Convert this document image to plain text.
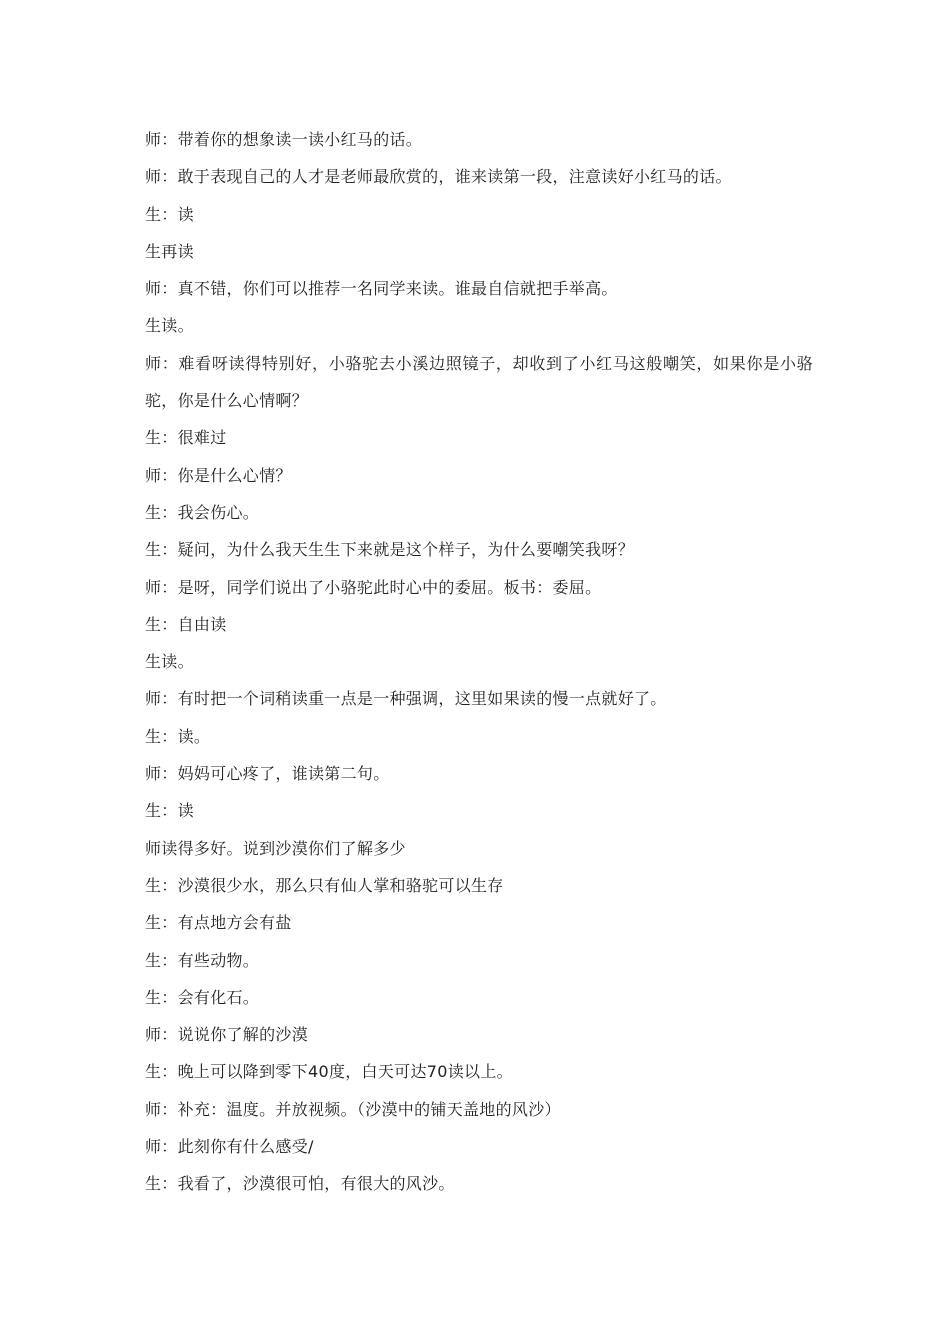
师：带着你的想象读一读小红马的话。
师：敢于表现自己的人才是老师最欣赏的，谁来读第一段，注意读好小红马的话。
生：读
生再读
师：真不错，你们可以推荐一名同学来读。谁最自信就把手举高。
生读。
师：难看呀读得特别好，小骆驼去小溪边照镜子，却收到了小红马这般嘲笑，如果你是小骆驼，你是什么心情啊？
生：很难过
师：你是什么心情？
生：我会伤心。
生：疑问，为什么我天生生下来就是这个样子，为什么要嘲笑我呀？
师：是呀，同学们说出了小骆驼此时心中的委屈。板书：委屈。
生：自由读
生读。
师：有时把一个词稍读重一点是一种强调，这里如果读的慢一点就好了。
生：读。
师：妈妈可心疼了，谁读第二句。
生：读
师读得多好。说到沙漠你们了解多少
生：沙漠很少水，那么只有仙人掌和骆驼可以生存
生：有点地方会有盐
生：有些动物。
生：会有化石。
师：说说你了解的沙漠
生：晚上可以降到零下40度，白天可达70读以上。
师：补充：温度。并放视频。（沙漠中的铺天盖地的风沙）
师：此刻你有什么感受/
生：我看了，沙漠很可怕，有很大的风沙。
